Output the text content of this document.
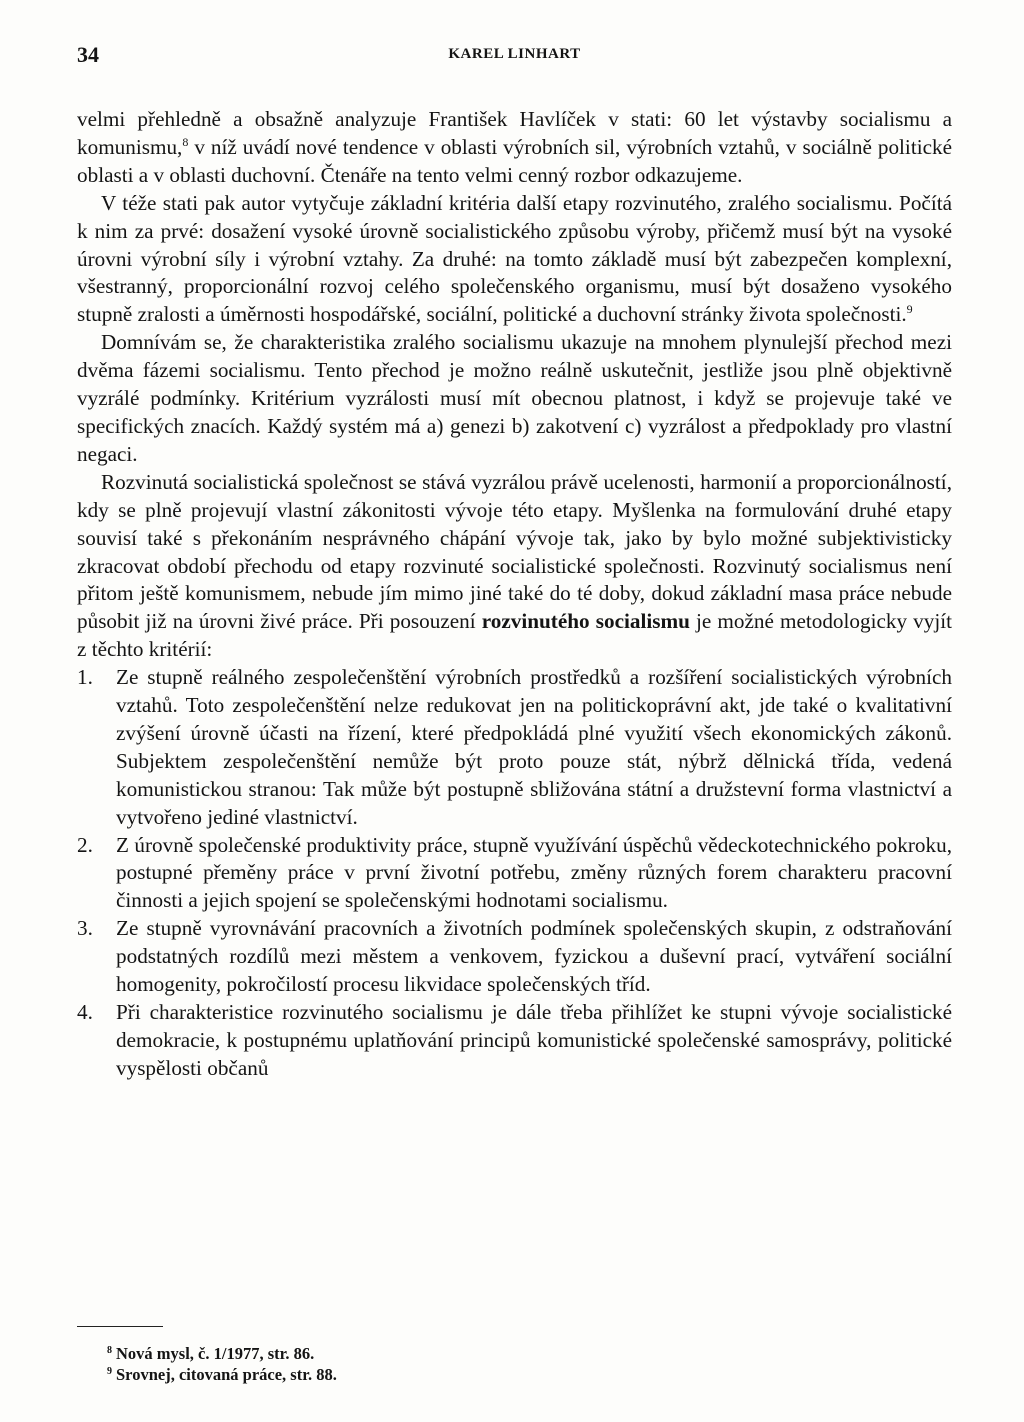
34	KAREL LINHART

velmi přehledně a obsažně analyzuje František Havlíček v stati: 60 let výstavby socialismu a komunismu,$^8$ v níž uvádí nové tendence v oblasti výrobních sil, výrobních vztahů, v sociálně politické oblasti a v oblasti duchovní. Čtenáře na tento velmi cenný rozbor odkazujeme.

V téže stati pak autor vytyčuje základní kritéria další etapy rozvinutého, zralého socialismu. Počítá k nim za prvé: dosažení vysoké úrovně socialistického způsobu výroby, přičemž musí být na vysoké úrovni výrobní síly i výrobní vztahy. Za druhé: na tomto základě musí být zabezpečen komplexní, všestranný, proporcionální rozvoj celého společenského organismu, musí být dosaženo vysokého stupně zralosti a úměrnosti hospodářské, sociální, politické a duchovní stránky života společnosti.$^9$

Domnívám se, že charakteristika zralého socialismu ukazuje na mnohem plynulejší přechod mezi dvěma fázemi socialismu. Tento přechod je možno reálně uskutečnit, jestliže jsou plně objektivně vyzrálé podmínky. Kritérium vyzrálosti musí mít obecnou platnost, i když se projevuje také ve specifických znacích. Každý systém má a) genezi b) zakotvení c) vyzrálost a předpoklady pro vlastní negaci.

Rozvinutá socialistická společnost se stává vyzrálou právě ucelenosti, harmonií a proporcionálností, kdy se plně projevují vlastní zákonitosti vývoje této etapy. Myšlenka na formulování druhé etapy souvisí také s překonáním nesprávného chápání vývoje tak, jako by bylo možné subjektivisticky zkracovat období přechodu od etapy rozvinuté socialistické společnosti. Rozvinutý socialismus není přitom ještě komunismem, nebude jím mimo jiné také do té doby, dokud základní masa práce nebude působit již na úrovni živé práce. Při posouzení rozvinutého socialismu je možné metodologicky vyjít z těchto kritérií:

1. Ze stupně reálného zespolečenštění výrobních prostředků a rozšíření socialistických výrobních vztahů. Toto zespolečenštění nelze redukovat jen na politickoprávní akt, jde také o kvalitativní zvýšení úrovně účasti na řízení, které předpokládá plné využití všech ekonomických zákonů. Subjektem zespolečenštění nemůže být proto pouze stát, nýbrž dělnická třída, vedená komunistickou stranou: Tak může být postupně sbližována státní a družstevní forma vlastnictví a vytvořeno jediné vlastnictví.
2. Z úrovně společenské produktivity práce, stupně využívání úspěchů vědeckotechnického pokroku, postupné přeměny práce v první životní potřebu, změny různých forem charakteru pracovní činnosti a jejich spojení se společenskými hodnotami socialismu.
3. Ze stupně vyrovnávání pracovních a životních podmínek společenských skupin, z odstraňování podstatných rozdílů mezi městem a venkovem, fyzickou a duševní prací, vytváření sociální homogenity, pokročilostí procesu likvidace společenských tříd.
4. Při charakteristice rozvinutého socialismu je dále třeba přihlížet ke stupni vývoje socialistické demokracie, k postupnému uplatňování principů komunistické společenské samosprávy, politické vyspělosti občanů
$^8$ Nová mysl, č. 1/1977, str. 86.
$^9$ Srovnej, citovaná práce, str. 88.
